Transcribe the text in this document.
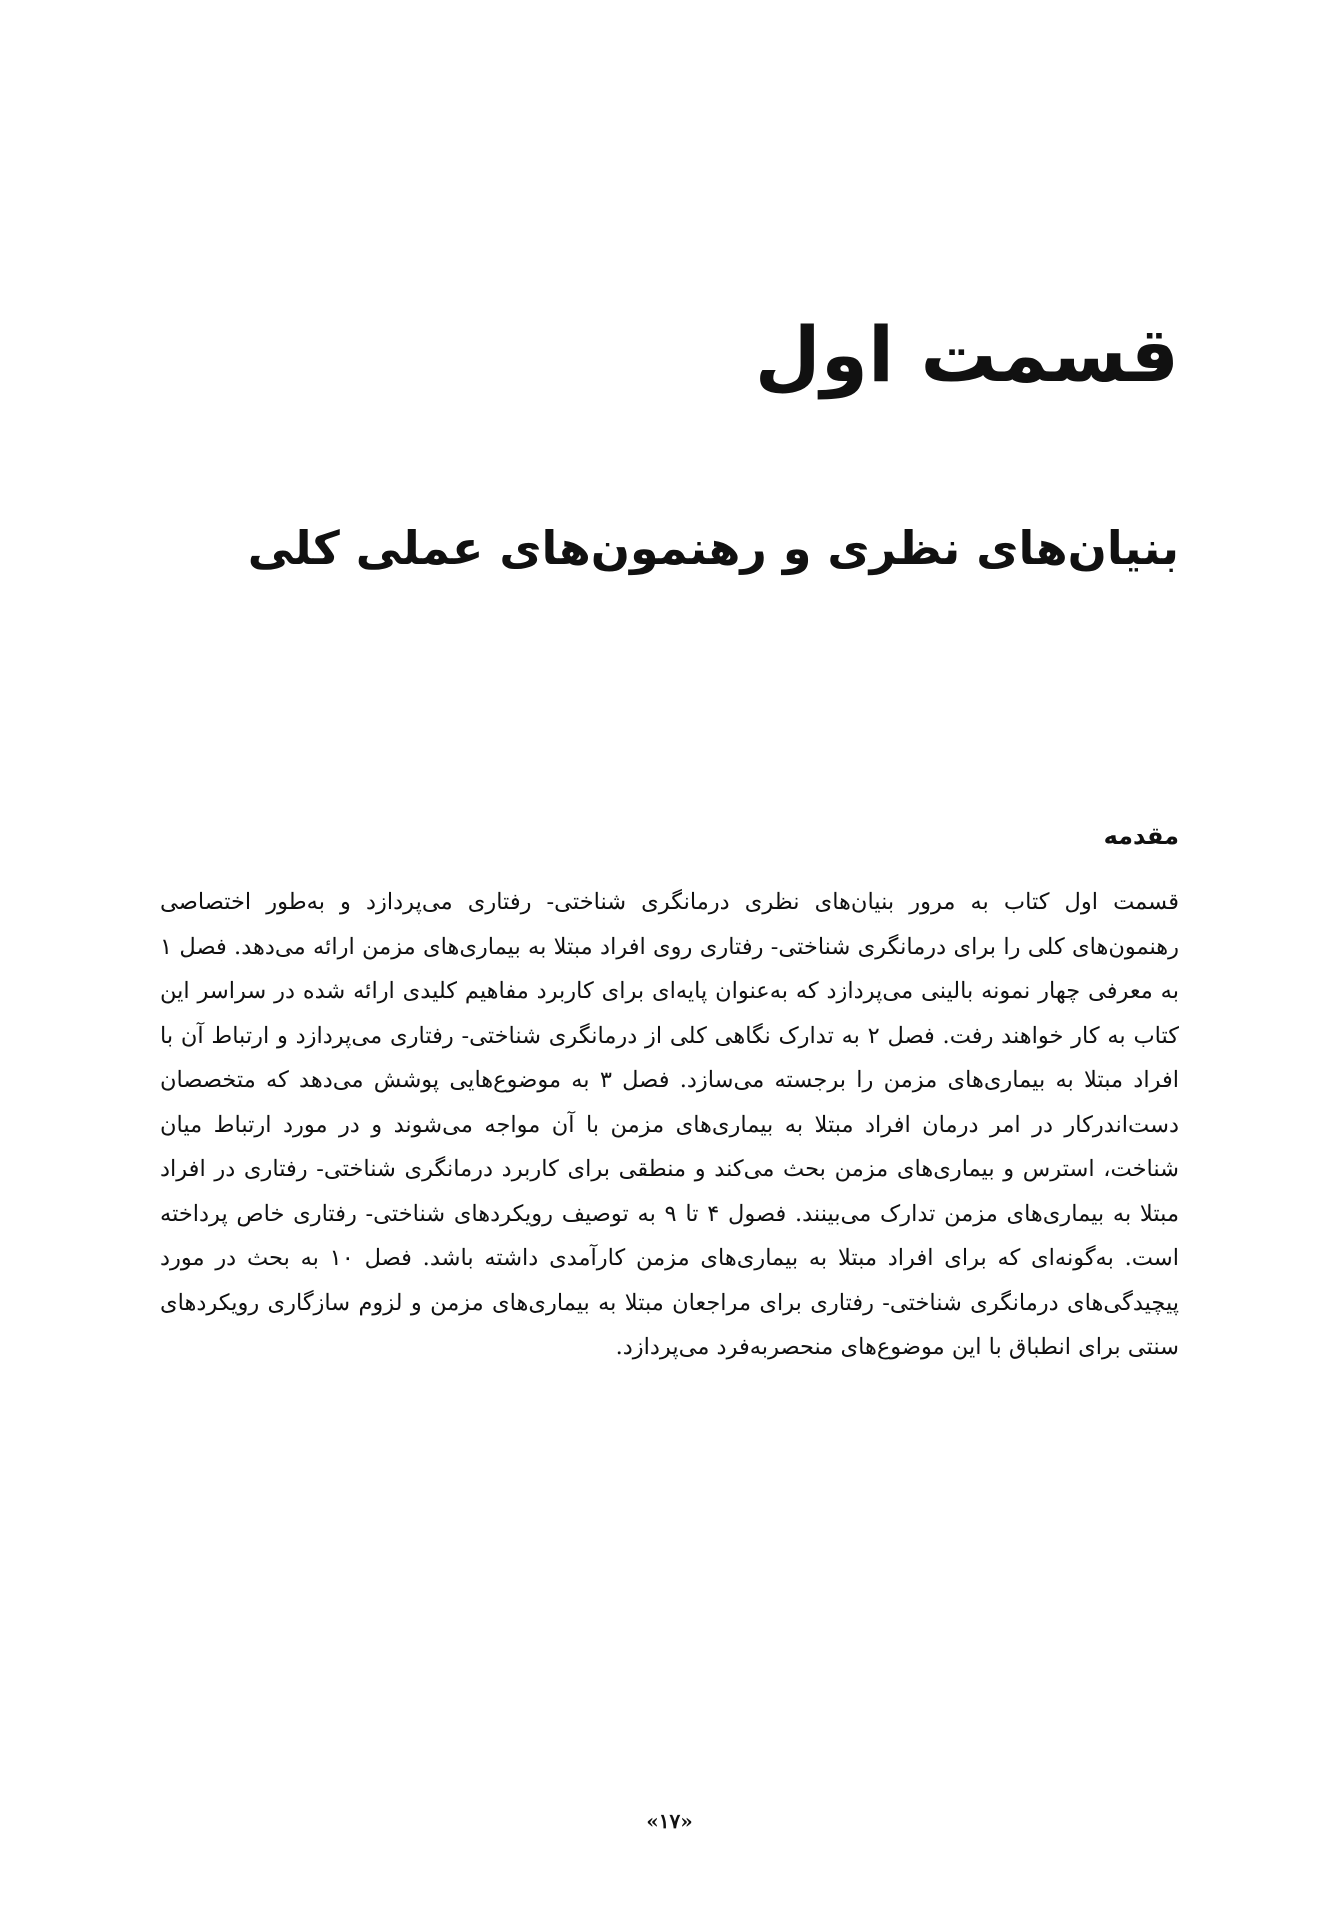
قسمت اول
بنیان‌های نظری و رهنمون‌های عملی کلی
مقدمه

قسمت اول کتاب به مرور بنیان‌های نظری درمانگری شناختی- رفتاری می‌پردازد و به‌طور اختصاصی رهنمون‌های کلی را برای درمانگری شناختی- رفتاری روی افراد مبتلا به بیماری‌های مزمن ارائه می‌دهد. فصل ۱ به معرفی چهار نمونه بالینی می‌پردازد که به‌عنوان پایه‌ای برای کاربرد مفاهیم کلیدی ارائه شده در سراسر این کتاب به کار خواهند رفت. فصل ۲ به تدارک نگاهی کلی از درمانگری شناختی- رفتاری می‌پردازد و ارتباط آن با افراد مبتلا به بیماری‌های مزمن را برجسته می‌سازد. فصل ۳ به موضوع‌هایی پوشش می‌دهد که متخصصان دست‌اندرکار در امر درمان افراد مبتلا به بیماری‌های مزمن با آن مواجه می‌شوند و در مورد ارتباط میان شناخت، استرس و بیماری‌های مزمن بحث می‌کند و منطقی برای کاربرد درمانگری شناختی- رفتاری در افراد مبتلا به بیماری‌های مزمن تدارک می‌بینند. فصول ۴ تا ۹ به توصیف رویکردهای شناختی- رفتاری خاص پرداخته است. به‌گونه‌ای که برای افراد مبتلا به بیماری‌های مزمن کارآمدی داشته باشد. فصل ۱۰ به بحث در مورد پیچیدگی‌های درمانگری شناختی- رفتاری برای مراجعان مبتلا به بیماری‌های مزمن و لزوم سازگاری رویکردهای سنتی برای انطباق با این موضوع‌های منحصربه‌فرد می‌پردازد.

«۱۷»
